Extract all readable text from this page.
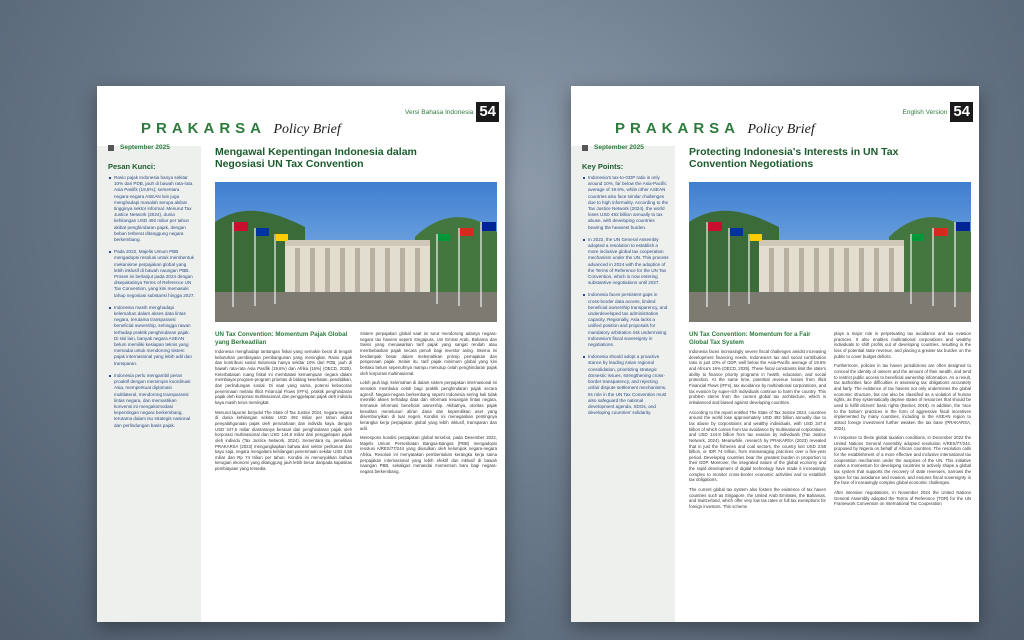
Versi Bahasa Indonesia 54
PRAKARSA Policy Brief
September 2025
Pesan Kunci:
Rasio pajak Indonesia hanya sekitar 10% dari PDB, jauh di bawah rata-rata Asia Pasifik (19,6%); sementara negara-negara ASEAN lain juga menghadapi masalah serupa akibat tingginya sektor informal. Menurut Tax Justice Network (2024), dunia kehilangan USD 492 miliar per tahun akibat penghindaran pajak, dengan beban terberat ditanggung negara berkembang.
Pada 2022, Majelis Umum PBB mengadopsi resolusi untuk membentuk mekanisme perpajakan global yang lebih inklusif di bawah naungan PBB. Proses ini berlanjut pada 2024 dengan disepakatinya Terms of Reference UN Tax Convention, yang kini memasuki tahap negosiasi substansi hingga 2027.
Indonesia masih menghadapi kelemahan dalam akses data lintas negara, terutama transparansi beneficial ownership, sehingga rawan terhadap praktik penghindaran pajak. Di sisi lain, banyak negara ASEAN belum memiliki kesiapan teknis yang memadai untuk mendorong sistem pajak internasional yang lebih adil dan transparan.
Indonesia perlu mengambil peran proaktif dengan memimpin koordinasi Asia, memperkuat diplomasi multilateral, mendorong transparansi lintas negara, dan memastikan konvensi ini mengakomodasi kepentingan negara berkembang, terutama dalam isu strategis nasional dan perlindungan basis pajak.
Mengawal Kepentingan Indonesia dalam Negosiasi UN Tax Convention
UN Tax Convention: Momentum Pajak Global yang Berkeadilan

Indonesia menghadapi tantangan fiskal yang semakin berat di tengah kebutuhan pembiayaan pembangunan yang meningkat. Rasio pajak dan kontribusi sosial Indonesia hanya sekitar 10% dari PDB, jauh di bawah rata-rata Asia Pasifik (19,6%) dan Afrika (16%) (OECD, 2025). Keterbatasan ruang fiskal ini membatasi kemampuan negara dalam membiayai program-program prioritas di bidang kesehatan, pendidikan, dan perlindungan sosial. Di saat yang sama, potensi kebocoran penerimaan melalui Illicit Financial Flows (IFFs), praktik penghindaran pajak oleh korporasi multinasional, dan penggelapan pajak oleh individu kaya masih terus meningkat.

Menurut laporan berjudul The State of Tax Justice 2024, negara-negara di dunia kehilangan sekitar USD 492 miliar per tahun akibat penyalahgunaan pajak oleh perusahaan dan individu kaya, dengan USD 347,6 miliar diantaranya berasal dari penghindaran pajak oleh korporasi multinasional dan USD 144,8 miliar dari penggelapan pajak oleh individu (Tax Justice Network, 2024). Sementara itu, penelitian PRAKARSA (2023) mengungkapkan bahwa dari sektor perikanan dan kayu saja, negara mengalami kehilangan penerimaan sekitar USD 3,58 miliar dan Rp 74 triliun per tahun. Kondisi ini menunjukkan bahwa kerugian ekonomi yang ditanggung jauh lebih besar daripada kapasitas pembiayaan yang tersedia.

Sistem perpajakan global saat ini turut mendorong adanya negara-negara tax havens seperti Singapura, Uni Emirat Arab, Bahama dan Swiss yang menawarkan tarif pajak yang sangat rendah atau membebaskan pajak secara penuh bagi investor asing. Skema ini berdampak besar dalam melemahkan prinsip pemajakan dan pengenaan pajak. Selain itu, tarif pajak minimum global yang kini berlaku belum sepenuhnya mampu menutup celah penghindaran pajak oleh korporasi multinasional.

Lebih jauh lagi, kelemahan di dalam sistem perpajakan internasional ini semakin membuka celah bagi praktik penghindaran pajak secara agresif. Negara-negara berkembang seperti Indonesia sering kali tidak memiliki akses terhadap data dan informasi keuangan lintas negara, termasuk informasi beneficial ownership. Akibatnya, otoritas pajak kesulitan menelusuri aliran dana dan kepemilikan aset yang disembunyikan di luar negeri. Kondisi ini menegaskan pentingnya kerangka kerja perpajakan global yang lebih inklusif, transparan dan adil.

Merespons kondisi perpajakan global tersebut, pada Desember 2022, Majelis Umum Perserikatan Bangsa-Bangsa (PBB) mengadopsi resolusi A/RES/77/244 yang diusulkan oleh kelompok negara-negara Afrika. Resolusi ini menyatakan pembentukan kerangka kerja sama perpajakan internasional yang lebih efektif dan inklusif di bawah naungan PBB, sekaligus menandai momentum baru bagi negara-negara berkembang.

English Version 54
PRAKARSA Policy Brief
September 2025
Key Points:
Indonesia's tax-to-GDP ratio is only around 10%, far below the Asia-Pacific average of 19.6%, while other ASEAN countries also face similar challenges due to high informality. According to the Tax Justice Network (2024), the world loses USD 492 billion annually to tax abuse, with developing countries bearing the heaviest burden.
In 2022, the UN General Assembly adopted a resolution to establish a more inclusive global tax cooperation mechanism under the UN. This process advanced in 2024 with the adoption of the Terms of Reference for the UN Tax Convention, which is now entering substantive negotiations until 2027.
Indonesia faces persistent gaps in cross-border data access, limited beneficial ownership transparency, and underdeveloped tax administration capacity. Regionally, Asia lacks a unified position and proposals for mandatory arbitration risk undermining Indonesia's fiscal sovereignty in negotiations.
Indonesia should adopt a proactive stance by leading Asian regional consolidation, prioritizing strategic domestic issues, strengthening cross-border transparency, and rejecting unfair dispute settlement mechanisms. Its role in the UN Tax Convention must also safeguard the national development agenda, SDGs, and developing countries' solidarity.
Protecting Indonesia's Interests in UN Tax Convention Negotiations
UN Tax Convention: Momentum for a Fair Global Tax System

Indonesia faces increasingly severe fiscal challenges amidst increasing development financing needs. Indonesia's tax and social contribution ratio is just 10% of GDP, well below the Asia-Pacific average of 19.6% and Africa's 16% (OECD, 2025). These fiscal constraints limit the state's ability to finance priority programs in health, education, and social protection. At the same time, potential revenue losses from Illicit Financial Flows (IFFs), tax avoidance by multinational corporations, and tax evasion by super-rich individuals continue to harm the country. This problem stems from the current global tax architecture, which is imbalanced and biased against developing countries.

According to the report entitled The State of Tax Justice 2024, countries around the world lose approximately USD 492 billion annually due to tax abuse by corporations and wealthy individuals, with USD 347.6 billion of which comes from tax avoidance by multinational corporations, and USD 144.8 billion from tax evasion by individuals (Tax Justice Network, 2024). Meanwhile, research by PRAKARSA (2023) revealed that in just the fisheries and coal sectors, the country lost USD 3.58 billion, or IDR 74 trillion, from mismanaging practices over a five-year period. Developing countries bear the greatest burden in proportion to their GDP. Moreover, the integrated nature of the global economy and the rapid development of digital technology have made it increasingly complex to monitor cross-border economic activities and to establish tax obligations.

The current global tax system also fosters the existence of tax haven countries such as Singapore, the United Arab Emirates, the Bahamas, and Switzerland, which offer very low tax rates or full tax exemptions for foreign investors. This scheme

plays a major role in perpetuating tax avoidance and tax evasion practices. It also enables multinational corporations and wealthy individuals to shift profits out of developing countries, resulting in the loss of potential state revenue, and placing a greater tax burden on the public to cover budget deficits.

Furthermore, policies in tax haven jurisdictions are often designed to conceal the identity of owners and the amount of their wealth, and tend to restrict public access to beneficial ownership information. As a result, tax authorities face difficulties in assessing tax obligations accurately and fairly. The existence of tax havens not only undermines the global economic structure, but can also be classified as a violation of human rights, as they systematically deprive states of resources that should be used to fulfill citizens' basic rights (Becker, 2018). In addition, the 'race to the bottom' practices in the form of aggressive fiscal incentives implemented by many countries, including in the ASEAN region to attract foreign investment further weaken the tax base (PRAKARSA, 2024).

In response to these global taxation conditions, in December 2022 the United Nations General Assembly adopted resolution A/RES/77/244, proposed by Nigeria on behalf of African countries. The resolution calls for the establishment of a more effective and inclusive international tax cooperation mechanism under the auspices of the UN. This initiative marks a momentum for developing countries to actively shape a global tax system that supports the recovery of state revenues, narrows the space for tax avoidance and evasion, and ensures fiscal sovereignty in the face of increasingly complex global economic challenges.

After intensive negotiations, in November 2024 the United Nations General Assembly adopted the Terms of Reference (TOR) for the UN Framework Convention on International Tax Cooperation
